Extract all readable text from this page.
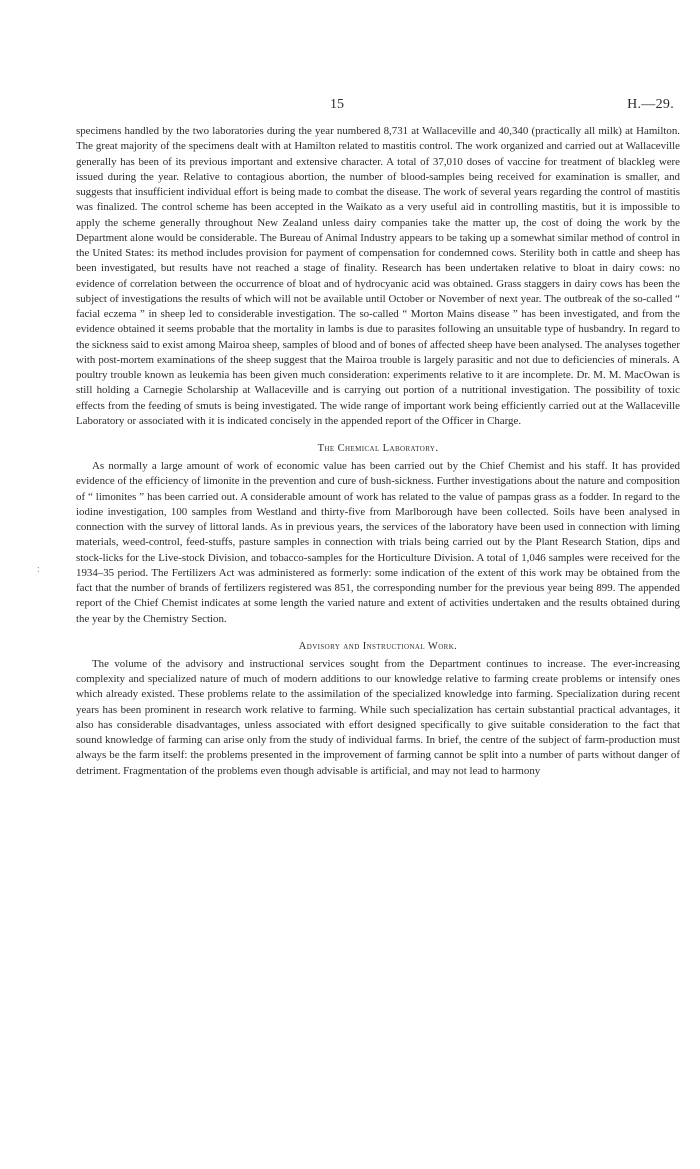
15	H.—29.
:

specimens handled by the two laboratories during the year numbered 8,731 at Wallaceville and 40,340 (practically all milk) at Hamilton. The great majority of the specimens dealt with at Hamilton related to mastitis control. The work organized and carried out at Wallaceville generally has been of its previous important and extensive character. A total of 37,010 doses of vaccine for treatment of blackleg were issued during the year. Relative to contagious abortion, the number of blood-samples being received for examination is smaller, and suggests that insufficient individual effort is being made to combat the disease. The work of several years regarding the control of mastitis was finalized. The control scheme has been accepted in the Waikato as a very useful aid in controlling mastitis, but it is impossible to apply the scheme generally throughout New Zealand unless dairy companies take the matter up, the cost of doing the work by the Department alone would be considerable. The Bureau of Animal Industry appears to be taking up a somewhat similar method of control in the United States: its method includes provision for payment of compensation for condemned cows. Sterility both in cattle and sheep has been investigated, but results have not reached a stage of finality. Research has been undertaken relative to bloat in dairy cows: no evidence of correlation between the occurrence of bloat and of hydrocyanic acid was obtained. Grass staggers in dairy cows has been the subject of investigations the results of which will not be available until October or November of next year. The outbreak of the so-called “ facial eczema ” in sheep led to considerable investigation. The so-called “ Morton Mains disease ” has been investigated, and from the evidence obtained it seems probable that the mortality in lambs is due to parasites following an unsuitable type of husbandry. In regard to the sickness said to exist among Mairoa sheep, samples of blood and of bones of affected sheep have been analysed. The analyses together with post-mortem examinations of the sheep suggest that the Mairoa trouble is largely parasitic and not due to deficiencies of minerals. A poultry trouble known as leukemia has been given much consideration: experiments relative to it are incomplete. Dr. M. M. MacOwan is still holding a Carnegie Scholarship at Wallaceville and is carrying out portion of a nutritional investigation. The possibility of toxic effects from the feeding of smuts is being investigated. The wide range of important work being efficiently carried out at the Wallaceville Laboratory or associated with it is indicated concisely in the appended report of the Officer in Charge.

The Chemical Laboratory.

As normally a large amount of work of economic value has been carried out by the Chief Chemist and his staff. It has provided evidence of the efficiency of limonite in the prevention and cure of bush-sickness. Further investigations about the nature and composition of “ limonites ” has been carried out. A considerable amount of work has related to the value of pampas grass as a fodder. In regard to the iodine investigation, 100 samples from Westland and thirty-five from Marlborough have been collected. Soils have been analysed in connection with the survey of littoral lands. As in previous years, the services of the laboratory have been used in connection with liming materials, weed-control, feed-stuffs, pasture samples in connection with trials being carried out by the Plant Research Station, dips and stock-licks for the Live-stock Division, and tobacco-samples for the Horticulture Division. A total of 1,046 samples were received for the 1934–35 period. The Fertilizers Act was administered as formerly: some indication of the extent of this work may be obtained from the fact that the number of brands of fertilizers registered was 851, the corresponding number for the previous year being 899. The appended report of the Chief Chemist indicates at some length the varied nature and extent of activities undertaken and the results obtained during the year by the Chemistry Section.

Advisory and Instructional Work.

The volume of the advisory and instructional services sought from the Department continues to increase. The ever-increasing complexity and specialized nature of much of modern additions to our knowledge relative to farming create problems or intensify ones which already existed. These problems relate to the assimilation of the specialized knowledge into farming. Specialization during recent years has been prominent in research work relative to farming. While such specialization has certain substantial practical advantages, it also has considerable disadvantages, unless associated with effort designed specifically to give suitable consideration to the fact that sound knowledge of farming can arise only from the study of individual farms. In brief, the centre of the subject of farm-production must always be the farm itself: the problems presented in the improvement of farming cannot be split into a number of parts without danger of detriment. Fragmentation of the problems even though advisable is artificial, and may not lead to harmony
